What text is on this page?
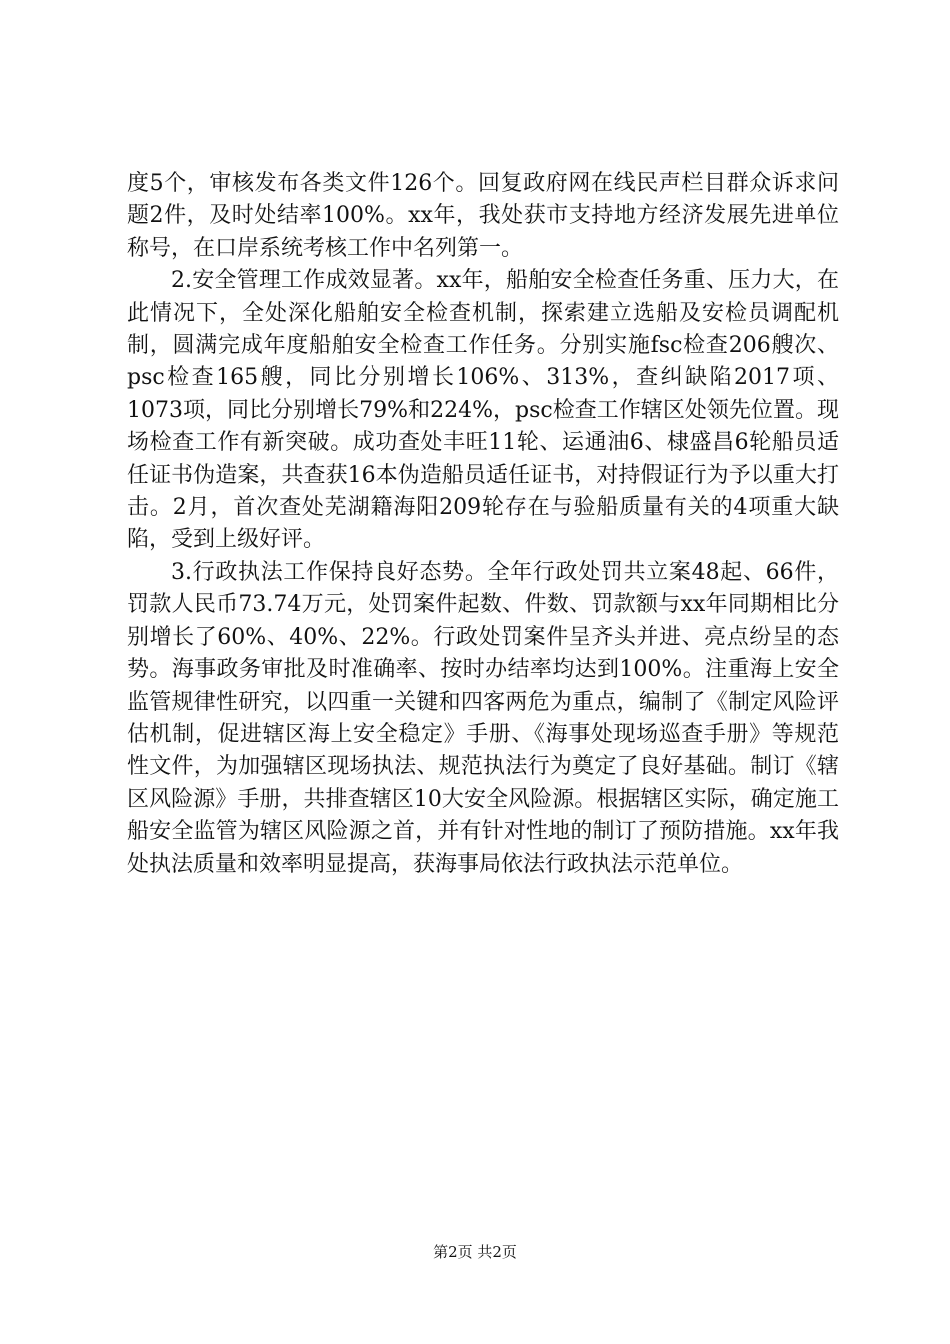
度5个，审核发布各类文件126个。回复政府网在线民声栏目群众诉求问题2件，及时处结率100%。xx年，我处获市支持地方经济发展先进单位称号，在口岸系统考核工作中名列第一。

2.安全管理工作成效显著。xx年，船舶安全检查任务重、压力大，在此情况下，全处深化船舶安全检查机制，探索建立选船及安检员调配机制，圆满完成年度船舶安全检查工作任务。分别实施fsc检查206艘次、psc检查165艘，同比分别增长106%、313%，查纠缺陷2017项、1073项，同比分别增长79%和224%，psc检查工作辖区处领先位置。现场检查工作有新突破。成功查处丰旺11轮、运通油6、棣盛昌6轮船员适任证书伪造案，共查获16本伪造船员适任证书，对持假证行为予以重大打击。2月，首次查处芜湖籍海阳209轮存在与验船质量有关的4项重大缺陷，受到上级好评。

3.行政执法工作保持良好态势。全年行政处罚共立案48起、66件，罚款人民币73.74万元，处罚案件起数、件数、罚款额与xx年同期相比分别增长了60%、40%、22%。行政处罚案件呈齐头并进、亮点纷呈的态势。海事政务审批及时准确率、按时办结率均达到100%。注重海上安全监管规律性研究，以四重一关键和四客两危为重点，编制了《制定风险评估机制，促进辖区海上安全稳定》手册、《海事处现场巡查手册》等规范性文件，为加强辖区现场执法、规范执法行为奠定了良好基础。制订《辖区风险源》手册，共排查辖区10大安全风险源。根据辖区实际，确定施工船安全监管为辖区风险源之首，并有针对性地的制订了预防措施。xx年我处执法质量和效率明显提高，获海事局依法行政执法示范单位。

第2页 共2页
